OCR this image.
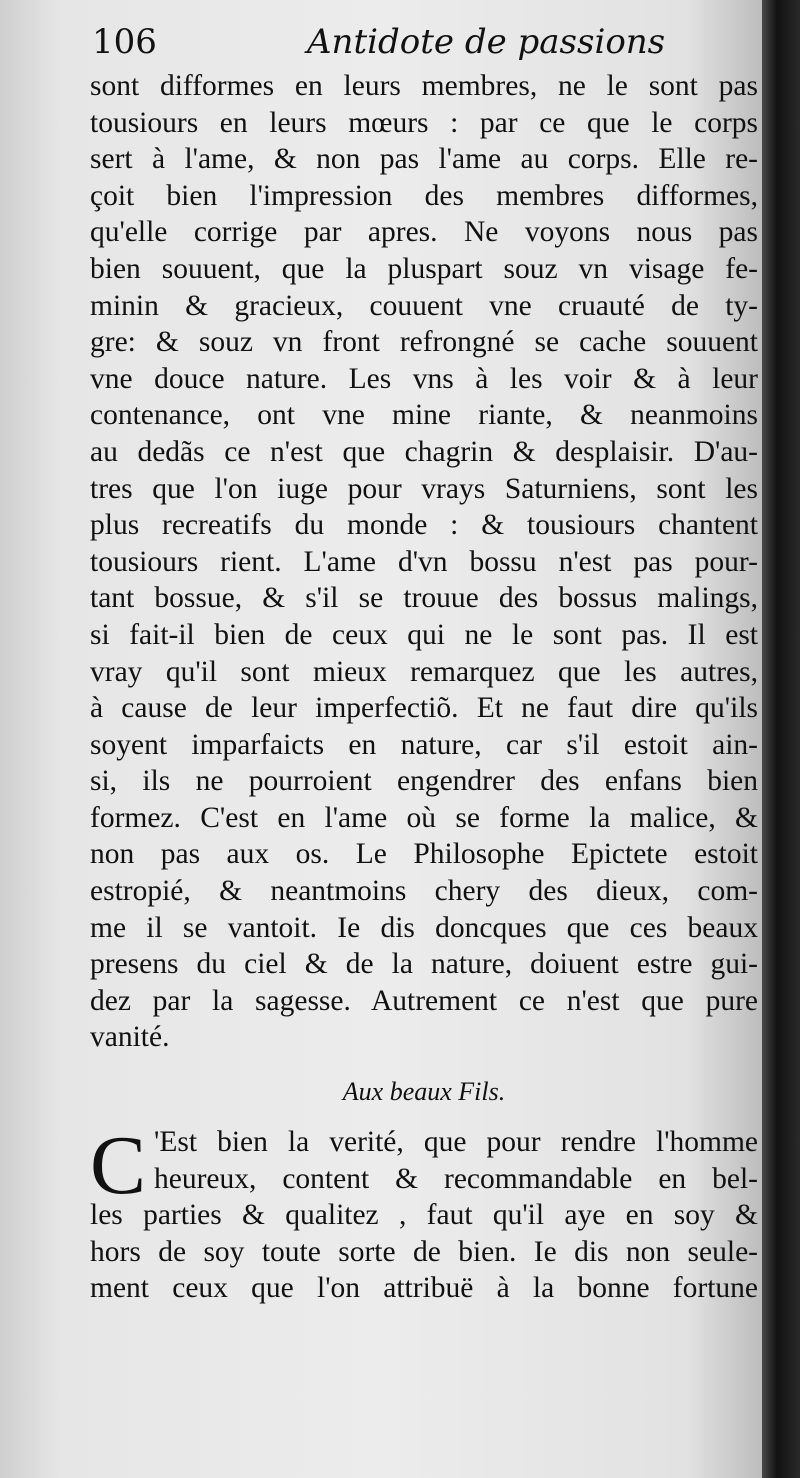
106	Antidote de passions
sont difformes en leurs membres, ne le sont pas
tousiours en leurs mœurs : par ce que le corps
sert à l'ame, & non pas l'ame au corps. Elle re-
çoit bien l'impression des membres difformes,
qu'elle corrige par apres. Ne voyons nous pas
bien souuent, que la pluspart souz vn visage fe-
minin & gracieux, couuent vne cruauté de ty-
gre: & souz vn front refrongné se cache souuent
vne douce nature. Les vns à les voir & à leur
contenance, ont vne mine riante, & neanmoins
au dedãs ce n'est que chagrin & desplaisir. D'au-
tres que l'on iuge pour vrays Saturniens, sont les
plus recreatifs du monde : & tousiours chantent
tousiours rient. L'ame d'vn bossu n'est pas pour-
tant bossue, & s'il se trouue des bossus malings,
si fait-il bien de ceux qui ne le sont pas. Il est
vray qu'il sont mieux remarquez que les autres,
à cause de leur imperfectiõ. Et ne faut dire qu'ils
soyent imparfaicts en nature, car s'il estoit ain-
si, ils ne pourroient engendrer des enfans bien
formez. C'est en l'ame où se forme la malice, &
non pas aux os. Le Philosophe Epictete estoit
estropié, & neantmoins chery des dieux, com-
me il se vantoit. Ie dis doncques que ces beaux
presens du ciel & de la nature, doiuent estre gui-
dez par la sagesse. Autrement ce n'est que pure
vanité.
Aux beaux Fils.
C 'Est bien la verité, que pour rendre l'homme
heureux, content & recommandable en bel-
les parties & qualitez , faut qu'il aye en soy &
hors de soy toute sorte de bien. Ie dis non seule-
ment ceux que l'on attribuë à la bonne fortune
